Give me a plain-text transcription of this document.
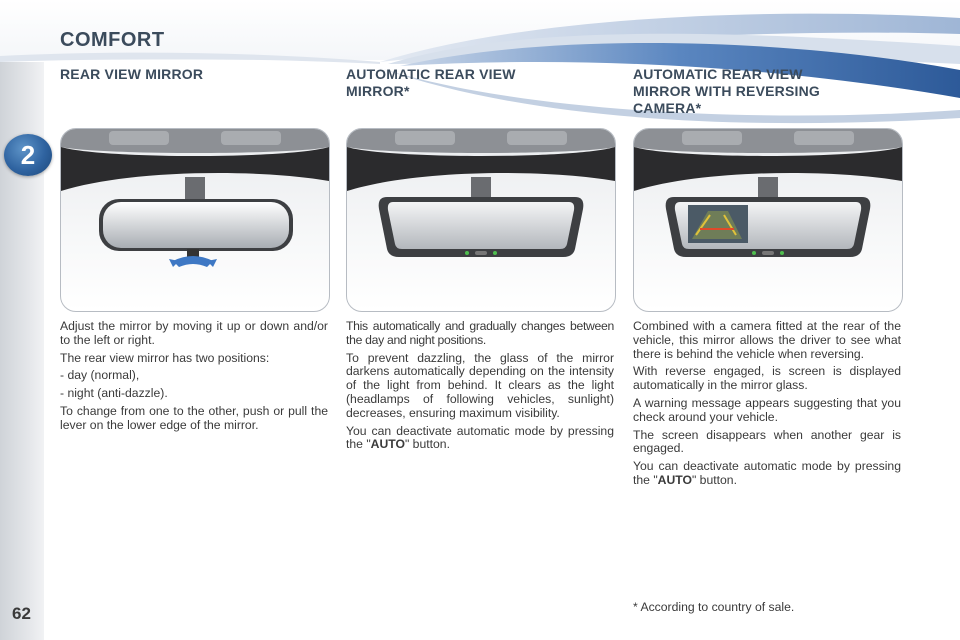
COMFORT
2
62
REAR VIEW MIRROR

Adjust the mirror by moving it up or down and/or to the left or right.

The rear view mirror has two positions:

- day (normal),

- night (anti-dazzle).

To change from one to the other, push or pull the lever on the lower edge of the mirror.

AUTOMATIC REAR VIEW
MIRROR*

This automatically and gradually changes between the day and night positions.

To prevent dazzling, the glass of the mirror darkens automatically depending on the intensity of the light from behind. It clears as the light (headlamps of following vehicles, sunlight) decreases, ensuring maximum visibility.

You can deactivate automatic mode by pressing the "AUTO" button.

AUTOMATIC REAR VIEW
MIRROR WITH REVERSING
CAMERA*

Combined with a camera fitted at the rear of the vehicle, this mirror allows the driver to see what there is behind the vehicle when reversing.

With reverse engaged, is screen is displayed automatically in the mirror glass.

A warning message appears suggesting that you check around your vehicle.

The screen disappears when another gear is engaged.

You can deactivate automatic mode by pressing the "AUTO" button.

* According to country of sale.
